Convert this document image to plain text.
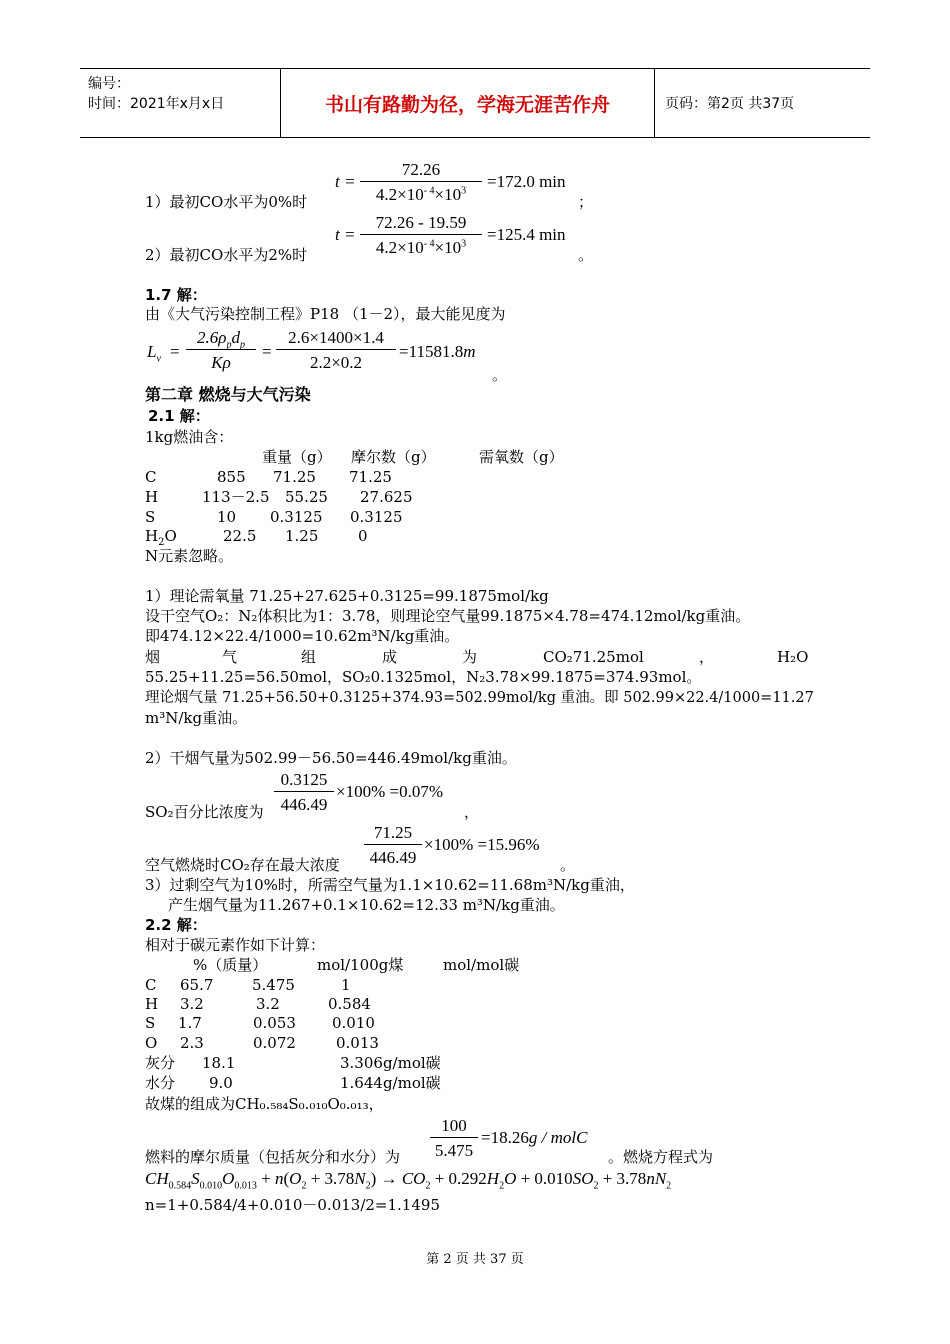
编号：
时间：2021年x月x日	书山有路勤为径，学海无涯苦作舟	页码：第2页 共37页
$t = \frac{72.26}{4.2\times 10^{- 4}\times 10^3} =172.0$ min
1）最初CO水平为0%时	；
$t = \frac{72.26 - 19.59}{4.2\times 10^{- 4}\times 10^3} =125.4$ min
2）最初CO水平为2%时	。
1.7 解：
由《大气污染控制工程》P18 （1－2），最大能见度为
$L_v$ =
$2.6\rho_pd_p$
Kρ
= $\frac{2.6\times 1400\times 1.4}{2.2\times 0.2} =11581.8m$
。
第二章 燃烧与大气污染
2.1 解：
1kg燃油含：
重量（g） 摩尔数（g）	需氧数（g）
C	855 71.25 71.25
H	113－2.5 55.25 27.625
S	10 0.3125 0.3125
$H_2O$	22.5 1.25	0
N元素忽略。
1）理论需氧量 71.25+27.625+0.3125=99.1875mol/kg
设干空气O₂：N₂体积比为1：3.78，则理论空气量99.1875×4.78=474.12mol/kg重油。
即474.12×22.4/1000=10.62m³N/kg重油。
烟	气	组	成	为	CO₂71.25mol	，	H₂O
55.25+11.25=56.50mol，SO₂0.1325mol，N₂3.78×99.1875=374.93mol。
理论烟气量 71.25+56.50+0.3125+374.93=502.99mol/kg 重油。即 502.99×22.4/1000=11.27
m³N/kg重油。
2）干烟气量为502.99－56.50=446.49mol/kg重油。
$\frac{0.3125}{446.49} \times 100\% =0.07\%$
SO₂百分比浓度为	，
$\frac{71.25}{446.49} \times 100\% =15.96\%$
空气燃烧时CO₂存在最大浓度	。
3）过剩空气为10%时，所需空气量为1.1×10.62=11.68m³N/kg重油，
产生烟气量为11.267+0.1×10.62=12.33 m³N/kg重油。
2.2 解：
相对于碳元素作如下计算：
%（质量）	mol/100g煤	mol/mol碳
C 65.7	5.475	1
H 3.2	3.2	0.584
S 1.7	0.053 0.010
O 2.3	0.072	0.013
灰分 18.1	3.306g/mol碳
水分 9.0	1.644g/mol碳
故煤的组成为CH₀.₅₈₄S₀.₀₁₀O₀.₀₁₃，
$\frac{100}{5.475} =18.26g$ / molC
燃料的摩尔质量（包括灰分和水分）为	。燃烧方程式为
$CH_{0.584}S_{0.010}O_{0.013} + n(O_2 + 3.78N_2) \to CO_2 + 0.292H_2O + 0.010SO_2 + 3.78nN_2$
n=1+0.584/4+0.010－0.013/2=1.1495
第 2 页 共 37 页
